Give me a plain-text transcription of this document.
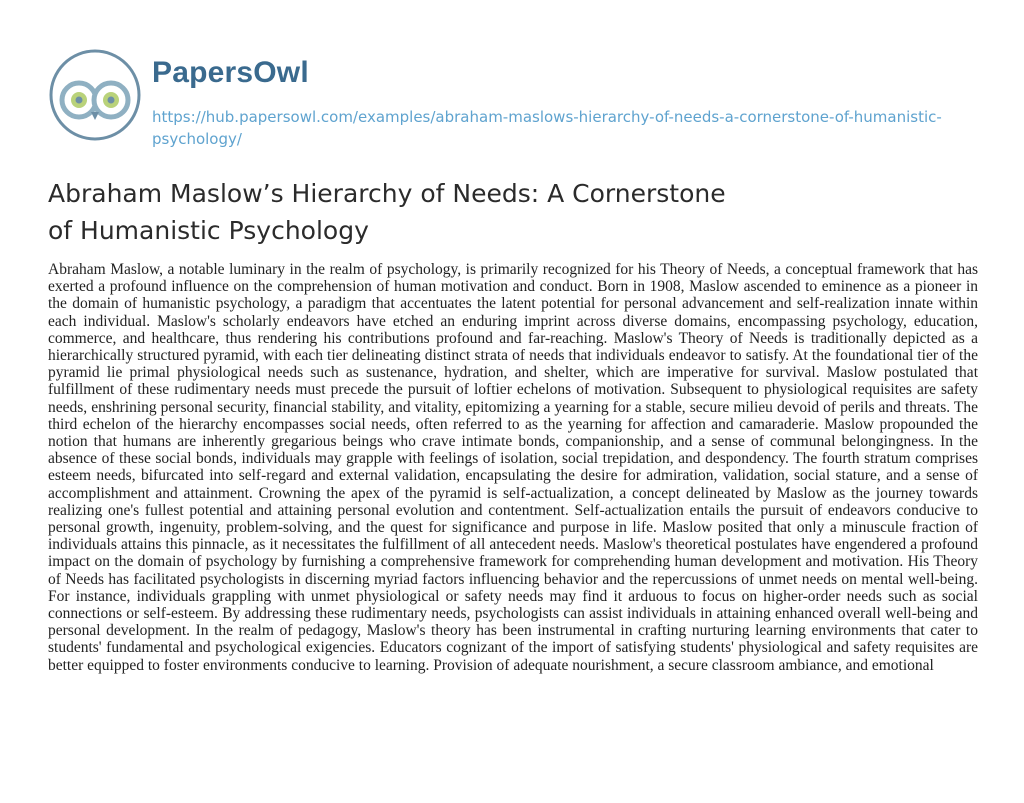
PapersOwl
https://hub.papersowl.com/examples/abraham-maslows-hierarchy-of-needs-a-cornerstone-of-humanistic-psychology/
Abraham Maslow’s Hierarchy of Needs: A Cornerstone of Humanistic Psychology

Abraham Maslow, a notable luminary in the realm of psychology, is primarily recognized for his Theory of Needs, a conceptual framework that has exerted a profound influence on the comprehension of human motivation and conduct. Born in 1908, Maslow ascended to eminence as a pioneer in the domain of humanistic psychology, a paradigm that accentuates the latent potential for personal advancement and self-realization innate within each individual. Maslow's scholarly endeavors have etched an enduring imprint across diverse domains, encompassing psychology, education, commerce, and healthcare, thus rendering his contributions profound and far-reaching. Maslow's Theory of Needs is traditionally depicted as a hierarchically structured pyramid, with each tier delineating distinct strata of needs that individuals endeavor to satisfy. At the foundational tier of the pyramid lie primal physiological needs such as sustenance, hydration, and shelter, which are imperative for survival. Maslow postulated that fulfillment of these rudimentary needs must precede the pursuit of loftier echelons of motivation. Subsequent to physiological requisites are safety needs, enshrining personal security, financial stability, and vitality, epitomizing a yearning for a stable, secure milieu devoid of perils and threats. The third echelon of the hierarchy encompasses social needs, often referred to as the yearning for affection and camaraderie. Maslow propounded the notion that humans are inherently gregarious beings who crave intimate bonds, companionship, and a sense of communal belongingness. In the absence of these social bonds, individuals may grapple with feelings of isolation, social trepidation, and despondency. The fourth stratum comprises esteem needs, bifurcated into self-regard and external validation, encapsulating the desire for admiration, validation, social stature, and a sense of accomplishment and attainment. Crowning the apex of the pyramid is self-actualization, a concept delineated by Maslow as the journey towards realizing one's fullest potential and attaining personal evolution and contentment. Self-actualization entails the pursuit of endeavors conducive to personal growth, ingenuity, problem-solving, and the quest for significance and purpose in life. Maslow posited that only a minuscule fraction of individuals attains this pinnacle, as it necessitates the fulfillment of all antecedent needs. Maslow's theoretical postulates have engendered a profound impact on the domain of psychology by furnishing a comprehensive framework for comprehending human development and motivation. His Theory of Needs has facilitated psychologists in discerning myriad factors influencing behavior and the repercussions of unmet needs on mental well-being. For instance, individuals grappling with unmet physiological or safety needs may find it arduous to focus on higher-order needs such as social connections or self-esteem. By addressing these rudimentary needs, psychologists can assist individuals in attaining enhanced overall well-being and personal development. In the realm of pedagogy, Maslow's theory has been instrumental in crafting nurturing learning environments that cater to students' fundamental and psychological exigencies. Educators cognizant of the import of satisfying students' physiological and safety requisites are better equipped to foster environments conducive to learning. Provision of adequate nourishment, a secure classroom ambiance, and emotional
